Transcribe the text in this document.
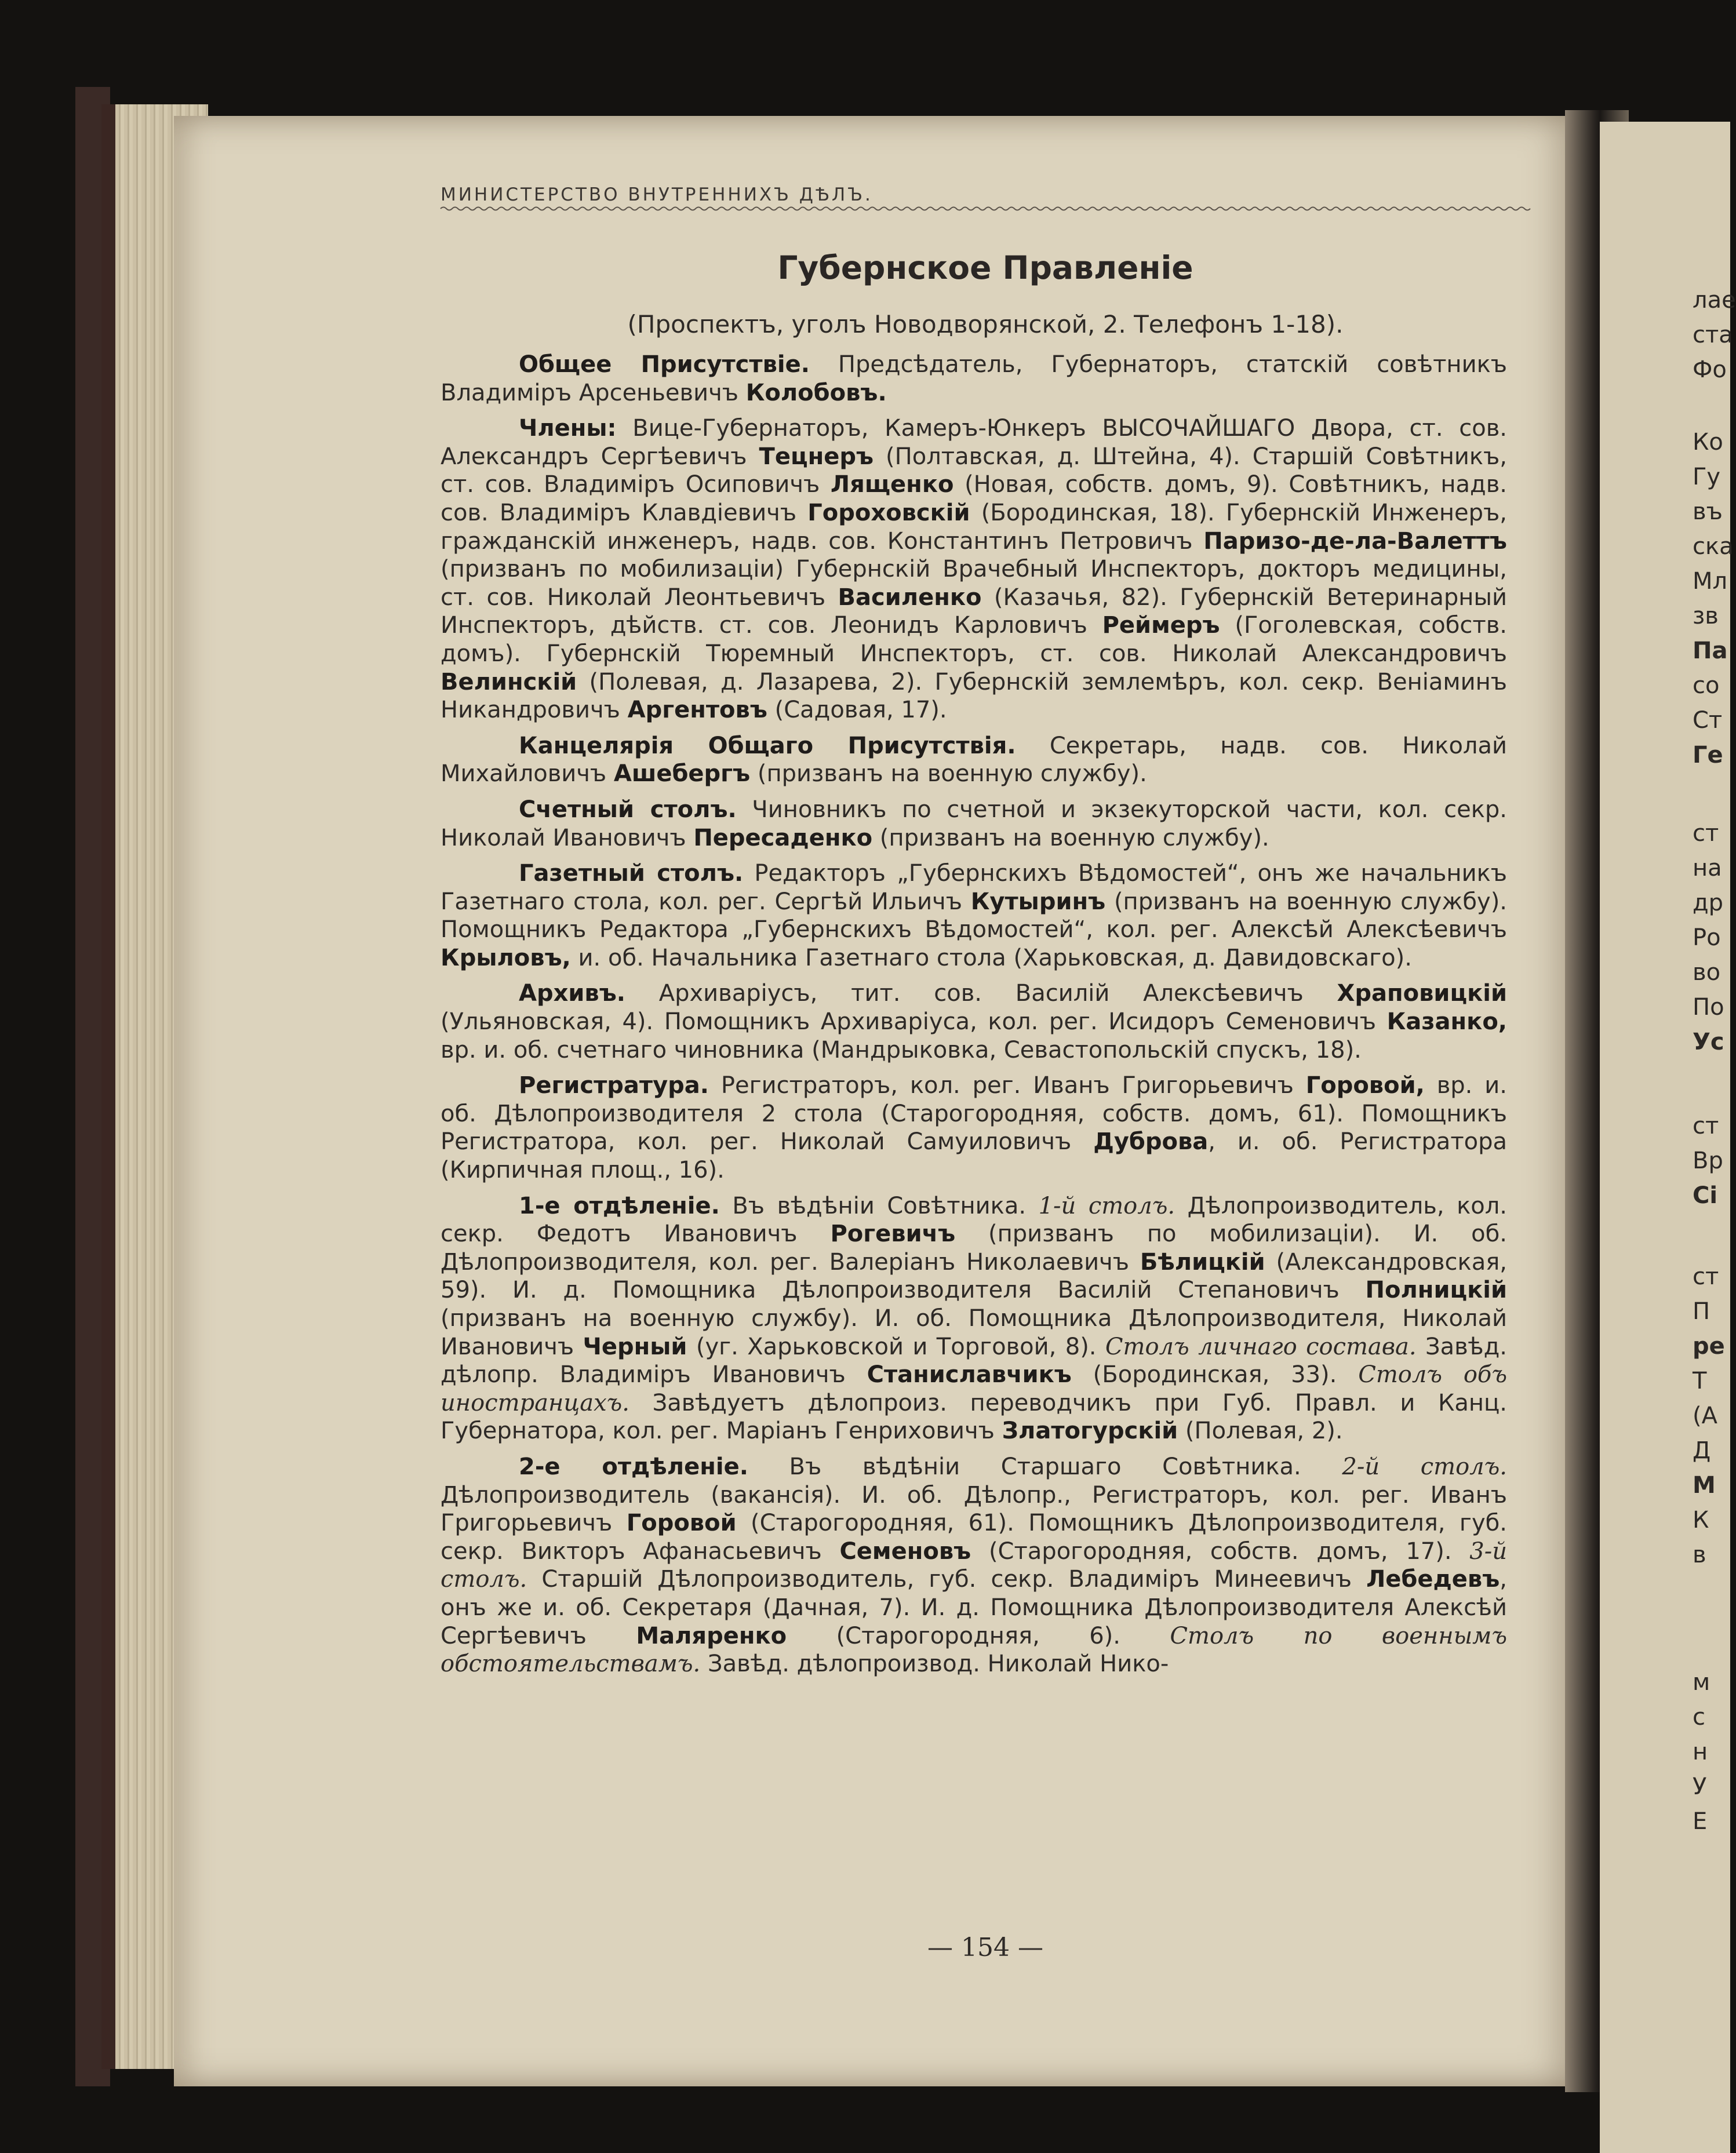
лае
ста
Фо
Ко
Гу
въ
ска
Мл
зв
Па
со
Ст
Ге
ст
на
др
Ро
во
По
Ус
ст
Вр
Сі
ст
П
ре
Т
(А
Д
М
К
в
м
с
н
У
Е
МИНИСТЕРСТВО ВНУТРЕННИХЪ ДѢЛЪ.
Губернское Правленіе
(Проспектъ, уголъ Новодворянской, 2. Телефонъ 1-18).

Общее Присутствіе. Предсѣдатель, Губернаторъ, статскій совѣтникъ Владиміръ Арсеньевичъ Колобовъ.

Члены: Вице-Губернаторъ, Камеръ-Юнкеръ ВЫСОЧАЙШАГО Двора, ст. сов. Александръ Сергѣевичъ Тецнеръ (Полтавская, д. Штейна, 4). Старшій Совѣтникъ, ст. сов. Владиміръ Осиповичъ Лященко (Новая, собств. домъ, 9). Совѣтникъ, надв. сов. Владиміръ Клавдіевичъ Гороховскій (Бородинская, 18). Губернскій Инженеръ, гражданскій инженеръ, надв. сов. Константинъ Петровичъ Паризо-де-ла-Валеттъ (призванъ по мобилизаціи) Губернскій Врачебный Инспекторъ, докторъ медицины, ст. сов. Николай Леонтьевичъ Василенко (Казачья, 82). Губернскій Ветеринарный Инспекторъ, дѣйств. ст. сов. Леонидъ Карловичъ Реймеръ (Гоголевская, собств. домъ). Губернскій Тюремный Инспекторъ, ст. сов. Николай Александровичъ Велинскій (Полевая, д. Лазарева, 2). Губернскій землемѣръ, кол. секр. Веніаминъ Никандровичъ Аргентовъ (Садовая, 17).

Канцелярія Общаго Присутствія. Секретарь, надв. сов. Николай Михайловичъ Ашебергъ (призванъ на военную службу).

Счетный столъ. Чиновникъ по счетной и экзекуторской части, кол. секр. Николай Ивановичъ Пересаденко (призванъ на военную службу).

Газетный столъ. Редакторъ „Губернскихъ Вѣдомостей“, онъ же начальникъ Газетнаго стола, кол. рег. Сергѣй Ильичъ Кутыринъ (призванъ на военную службу). Помощникъ Редактора „Губернскихъ Вѣдомостей“, кол. рег. Алексѣй Алексѣевичъ Крыловъ, и. об. Начальника Газетнаго стола (Харьковская, д. Давидовскаго).

Архивъ. Архиваріусъ, тит. сов. Василій Алексѣевичъ Храповицкій (Ульяновская, 4). Помощникъ Архиваріуса, кол. рег. Исидоръ Семеновичъ Казанко, вр. и. об. счетнаго чиновника (Мандрыковка, Севастопольскій спускъ, 18).

Регистратура. Регистраторъ, кол. рег. Иванъ Григорьевичъ Горовой, вр. и. об. Дѣлопроизводителя 2 стола (Старогородняя, собств. домъ, 61). Помощникъ Регистратора, кол. рег. Николай Самуиловичъ Дуброва, и. об. Регистратора (Кирпичная площ., 16).

1-е отдѣленіе. Въ вѣдѣніи Совѣтника. 1-й столъ. Дѣлопроизводитель, кол. секр. Федотъ Ивановичъ Рогевичъ (призванъ по мобилизаціи). И. об. Дѣлопроизводителя, кол. рег. Валеріанъ Николаевичъ Бѣлицкій (Александровская, 59). И. д. Помощника Дѣлопроизводителя Василій Степановичъ Полницкій (призванъ на военную службу). И. об. Помощника Дѣлопроизводителя, Николай Ивановичъ Черный (уг. Харьковской и Торговой, 8). Столъ личнаго состава. Завѣд. дѣлопр. Владиміръ Ивановичъ Станиславчикъ (Бородинская, 33). Столъ объ иностранцахъ. Завѣдуетъ дѣлопроиз. переводчикъ при Губ. Правл. и Канц. Губернатора, кол. рег. Маріанъ Генриховичъ Златогурскій (Полевая, 2).

2-е отдѣленіе. Въ вѣдѣніи Старшаго Совѣтника. 2-й столъ. Дѣлопроизводитель (вакансія). И. об. Дѣлопр., Регистраторъ, кол. рег. Иванъ Григорьевичъ Горовой (Старогородняя, 61). Помощникъ Дѣлопроизводителя, губ. секр. Викторъ Афанасьевичъ Семеновъ (Старогородняя, собств. домъ, 17). 3-й столъ. Старшій Дѣлопроизводитель, губ. секр. Владиміръ Минеевичъ Лебедевъ, онъ же и. об. Секретаря (Дачная, 7). И. д. Помощника Дѣлопроизводителя Алексѣй Сергѣевичъ Маляренко (Старогородняя, 6). Столъ по военнымъ обстоятельствамъ. Завѣд. дѣлопроизвод. Николай Нико-

— 154 —
